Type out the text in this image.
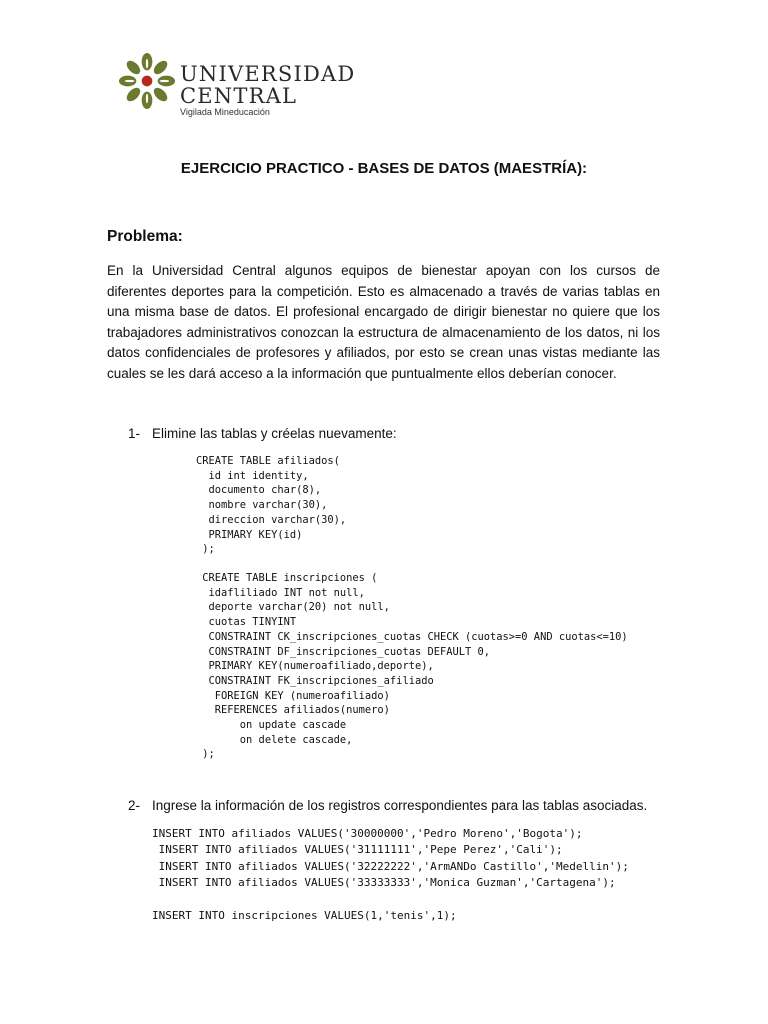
UNIVERSIDAD
CENTRAL
Vigilada Mineducación
EJERCICIO PRACTICO - BASES DE DATOS (MAESTRÍA):
Problema:
En la Universidad Central algunos equipos de bienestar apoyan con los cursos de diferentes deportes para la competición. Esto es almacenado a través de varias tablas en una misma base de datos. El profesional encargado de dirigir bienestar no quiere que los trabajadores administrativos conozcan la estructura de almacenamiento de los datos, ni los datos confidenciales de profesores y afiliados, por esto se crean unas vistas mediante las cuales se les dará acceso a la información que puntualmente ellos deberían conocer.
1- Elimine las tablas y créelas nuevamente:
CREATE TABLE afiliados(
id int identity,
documento char(8),
nombre varchar(30),
direccion varchar(30),
PRIMARY KEY(id)
);
CREATE TABLE inscripciones (
idafliliado INT not null,
deporte varchar(20) not null,
cuotas TINYINT
CONSTRAINT CK_inscripciones_cuotas CHECK (cuotas>=0 AND cuotas<=10)
CONSTRAINT DF_inscripciones_cuotas DEFAULT 0,
PRIMARY KEY(numeroafiliado,deporte),
CONSTRAINT FK_inscripciones_afiliado
FOREIGN KEY (numeroafiliado)
REFERENCES afiliados(numero)
on update cascade
on delete cascade,
);
2- Ingrese la información de los registros correspondientes para las tablas asociadas.
INSERT INTO afiliados VALUES('30000000','Pedro Moreno','Bogota');
INSERT INTO afiliados VALUES('31111111','Pepe Perez','Cali');
INSERT INTO afiliados VALUES('32222222','ArmANDo Castillo','Medellin');
INSERT INTO afiliados VALUES('33333333','Monica Guzman','Cartagena');

INSERT INTO inscripciones VALUES(1,'tenis',1);
